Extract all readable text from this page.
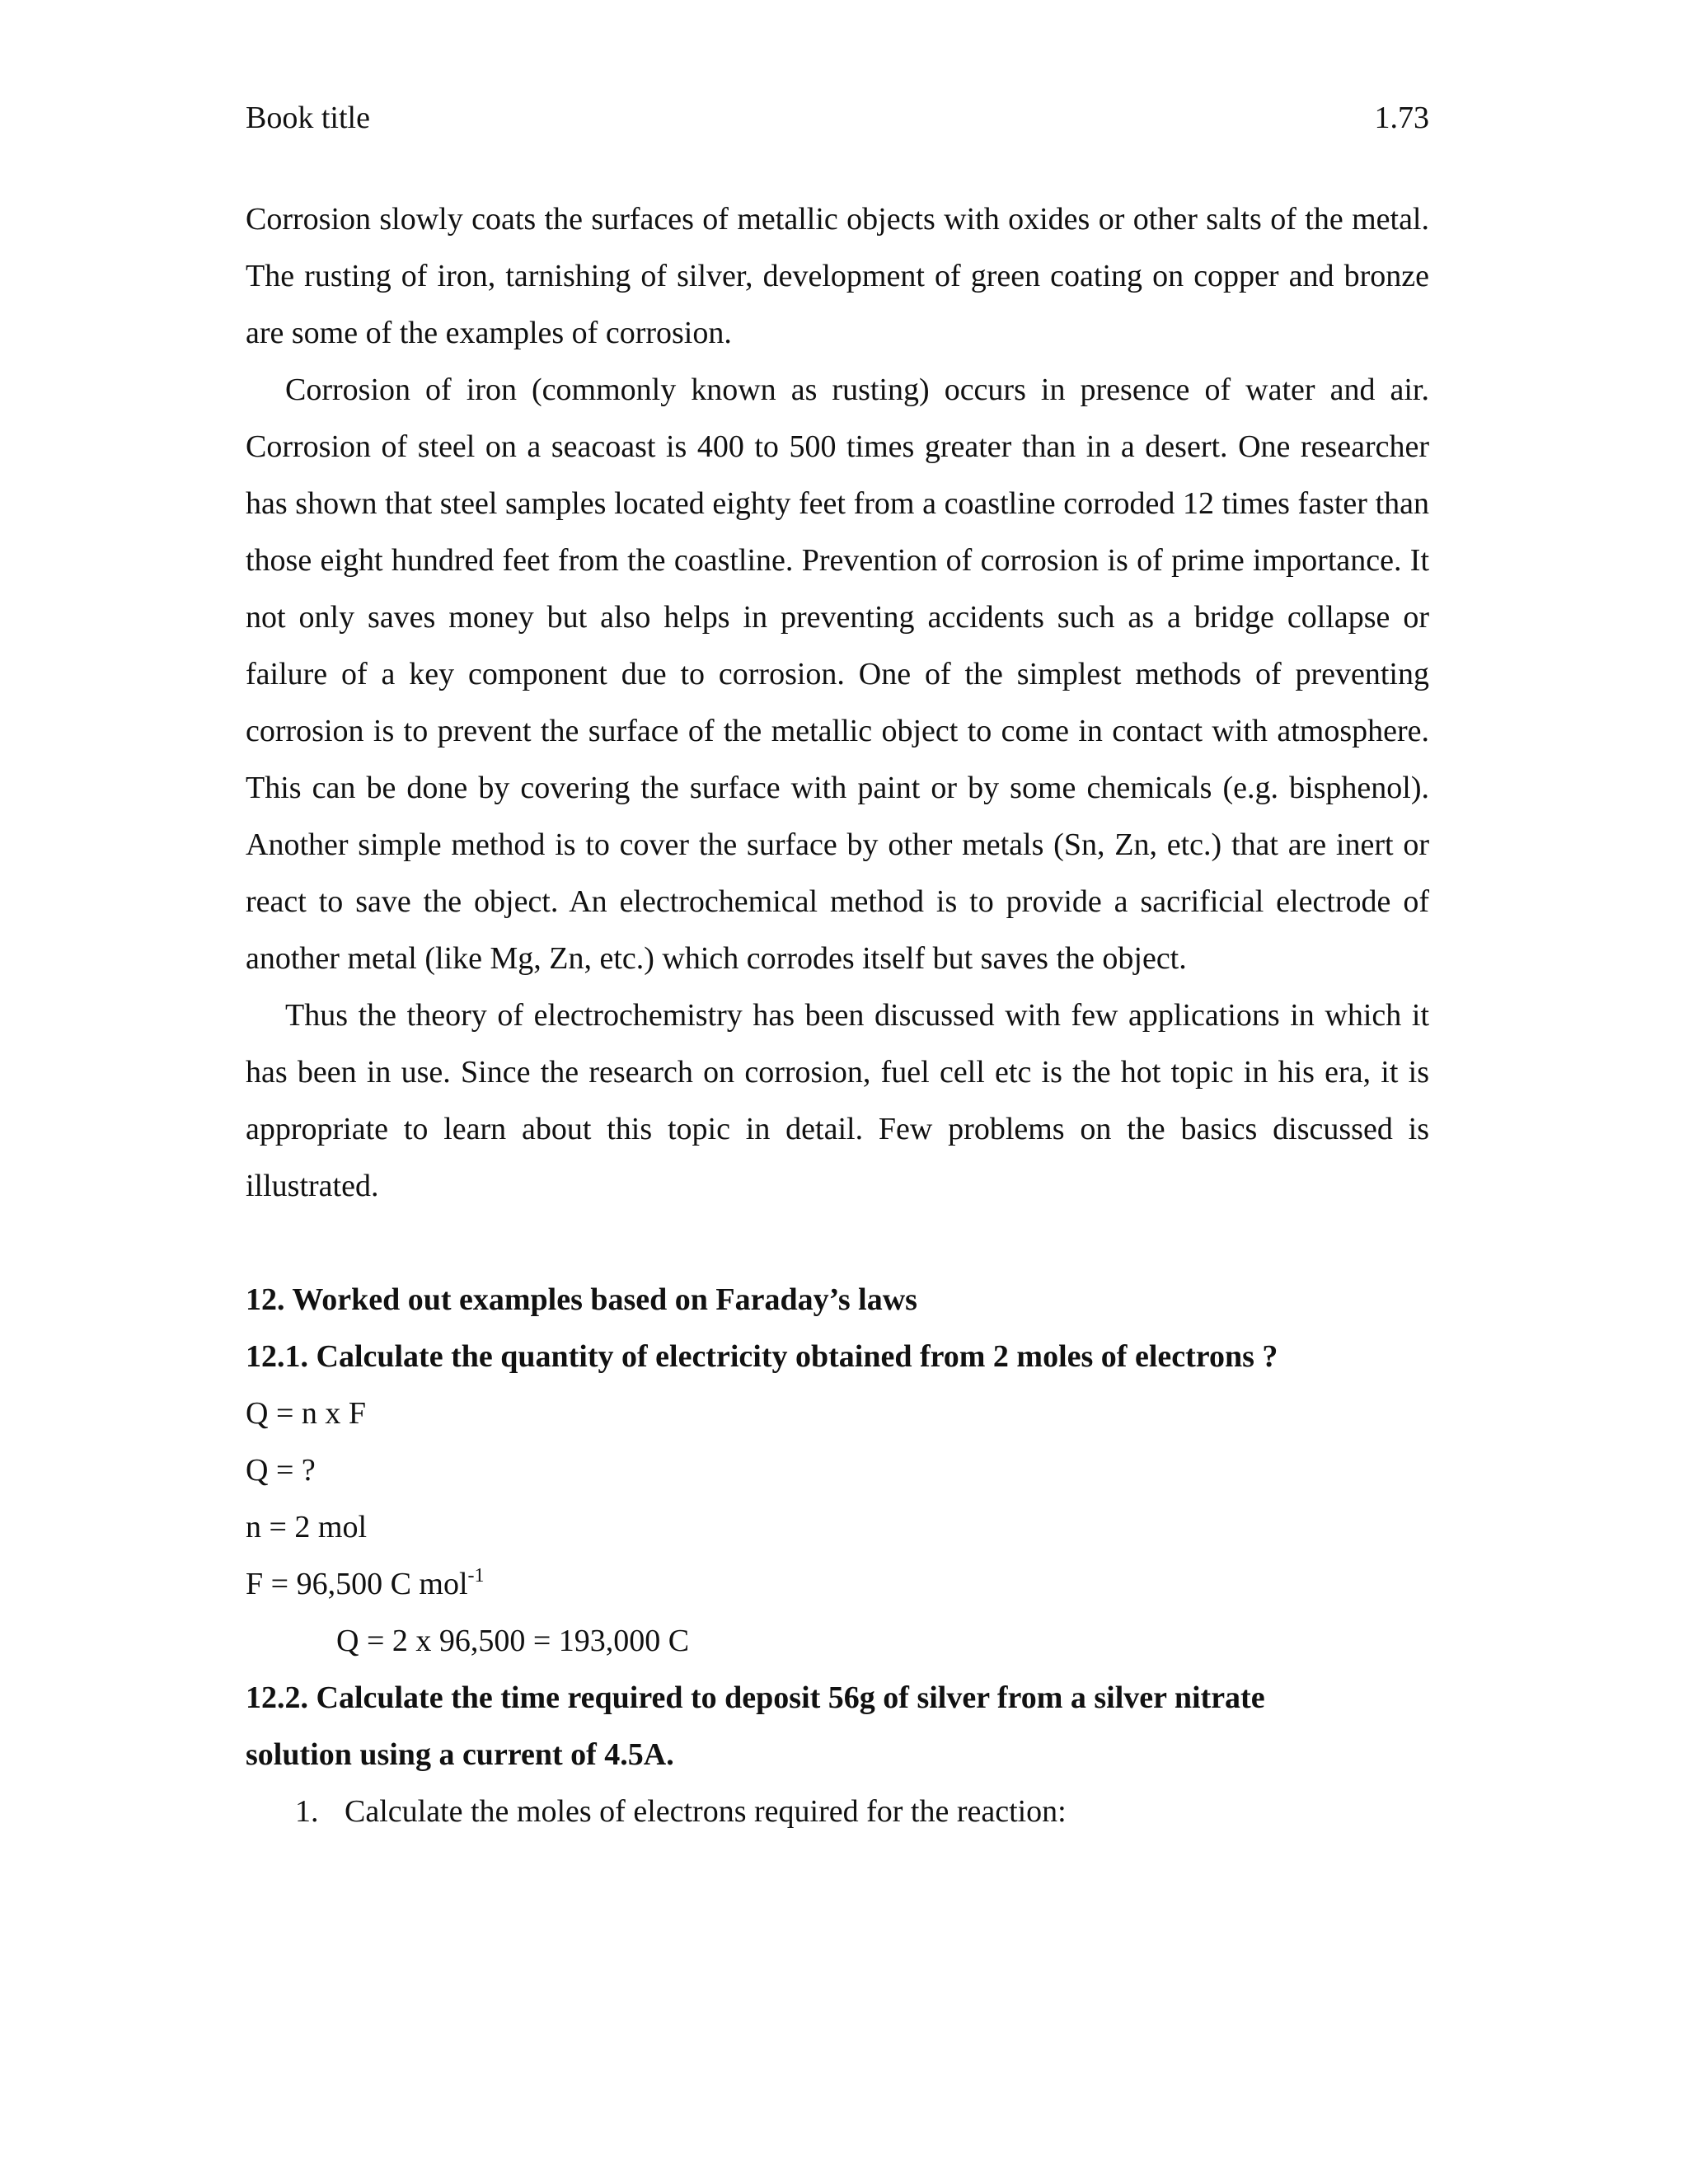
Book title	1.73

Corrosion slowly coats the surfaces of metallic objects with oxides or other salts of the metal. The rusting of iron, tarnishing of silver, development of green coating on copper and bronze are some of the examples of corrosion.

Corrosion of iron (commonly known as rusting) occurs in presence of water and air. Corrosion of steel on a seacoast is 400 to 500 times greater than in a desert. One researcher has shown that steel samples located eighty feet from a coastline corroded 12 times faster than those eight hundred feet from the coastline. Prevention of corrosion is of prime importance. It not only saves money but also helps in preventing accidents such as a bridge collapse or failure of a key component due to corrosion. One of the simplest methods of preventing corrosion is to prevent the surface of the metallic object to come in contact with atmosphere. This can be done by covering the surface with paint or by some chemicals (e.g. bisphenol). Another simple method is to cover the surface by other metals (Sn, Zn, etc.) that are inert or react to save the object. An electrochemical method is to provide a sacrificial electrode of another metal (like Mg, Zn, etc.) which corrodes itself but saves the object.

Thus the theory of electrochemistry has been discussed with few applications in which it has been in use. Since the research on corrosion, fuel cell etc is the hot topic in his era, it is appropriate to learn about this topic in detail. Few problems on the basics discussed is illustrated.

12. Worked out examples based on Faraday’s laws

12.1. Calculate the quantity of electricity obtained from 2 moles of electrons ?

Q = n x F

Q = ?

n = 2 mol

F = 96,500 C mol$^{-1}$

Q = 2 x 96,500 = 193,000 C

12.2. Calculate the time required to deposit 56g of silver from a silver nitrate
solution using a current of 4.5A.

1. Calculate the moles of electrons required for the reaction:
